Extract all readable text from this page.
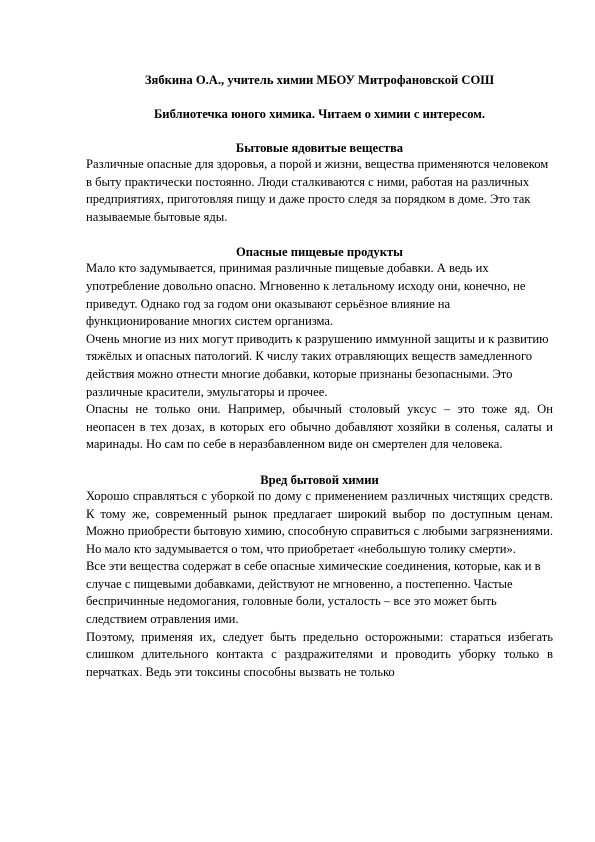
Зябкина О.А., учитель химии МБОУ Митрофановской СОШ

Библиотечка юного химика. Читаем о химии с интересом.

Бытовые ядовитые вещества

Различные опасные для здоровья, а порой и жизни, вещества применяются человеком в быту практически постоянно. Люди сталкиваются с ними, работая на различных предприятиях, приготовляя пищу и даже просто следя за порядком в доме. Это так называемые бытовые яды.

Опасные пищевые продукты

Мало кто задумывается, принимая различные пищевые добавки. А ведь их употребление довольно опасно. Мгновенно к летальному исходу они, конечно, не приведут. Однако год за годом они оказывают серьёзное влияние на функционирование многих систем организма.

Очень многие из них могут приводить к разрушению иммунной защиты и к развитию тяжёлых и опасных патологий. К числу таких отравляющих веществ замедленного действия можно отнести многие добавки, которые признаны безопасными. Это различные красители, эмульгаторы и прочее.

Опасны не только они. Например, обычный столовый уксус – это тоже яд. Он неопасен в тех дозах, в которых его обычно добавляют хозяйки в соленья, салаты и маринады. Но сам по себе в неразбавленном виде он смертелен для человека.

Вред бытовой химии

Хорошо справляться с уборкой по дому с применением различных чистящих средств. К тому же, современный рынок предлагает широкий выбор по доступным ценам. Можно приобрести бытовую химию, способную справиться с любыми загрязнениями. Но мало кто задумывается о том, что приобретает «небольшую толику смерти».

Все эти вещества содержат в себе опасные химические соединения, которые, как и в случае с пищевыми добавками, действуют не мгновенно, а постепенно. Частые беспричинные недомогания, головные боли, усталость – все это может быть следствием отравления ими.

Поэтому, применяя их, следует быть предельно осторожными: стараться избегать слишком длительного контакта с раздражителями и проводить уборку только в перчатках. Ведь эти токсины способны вызвать не только
